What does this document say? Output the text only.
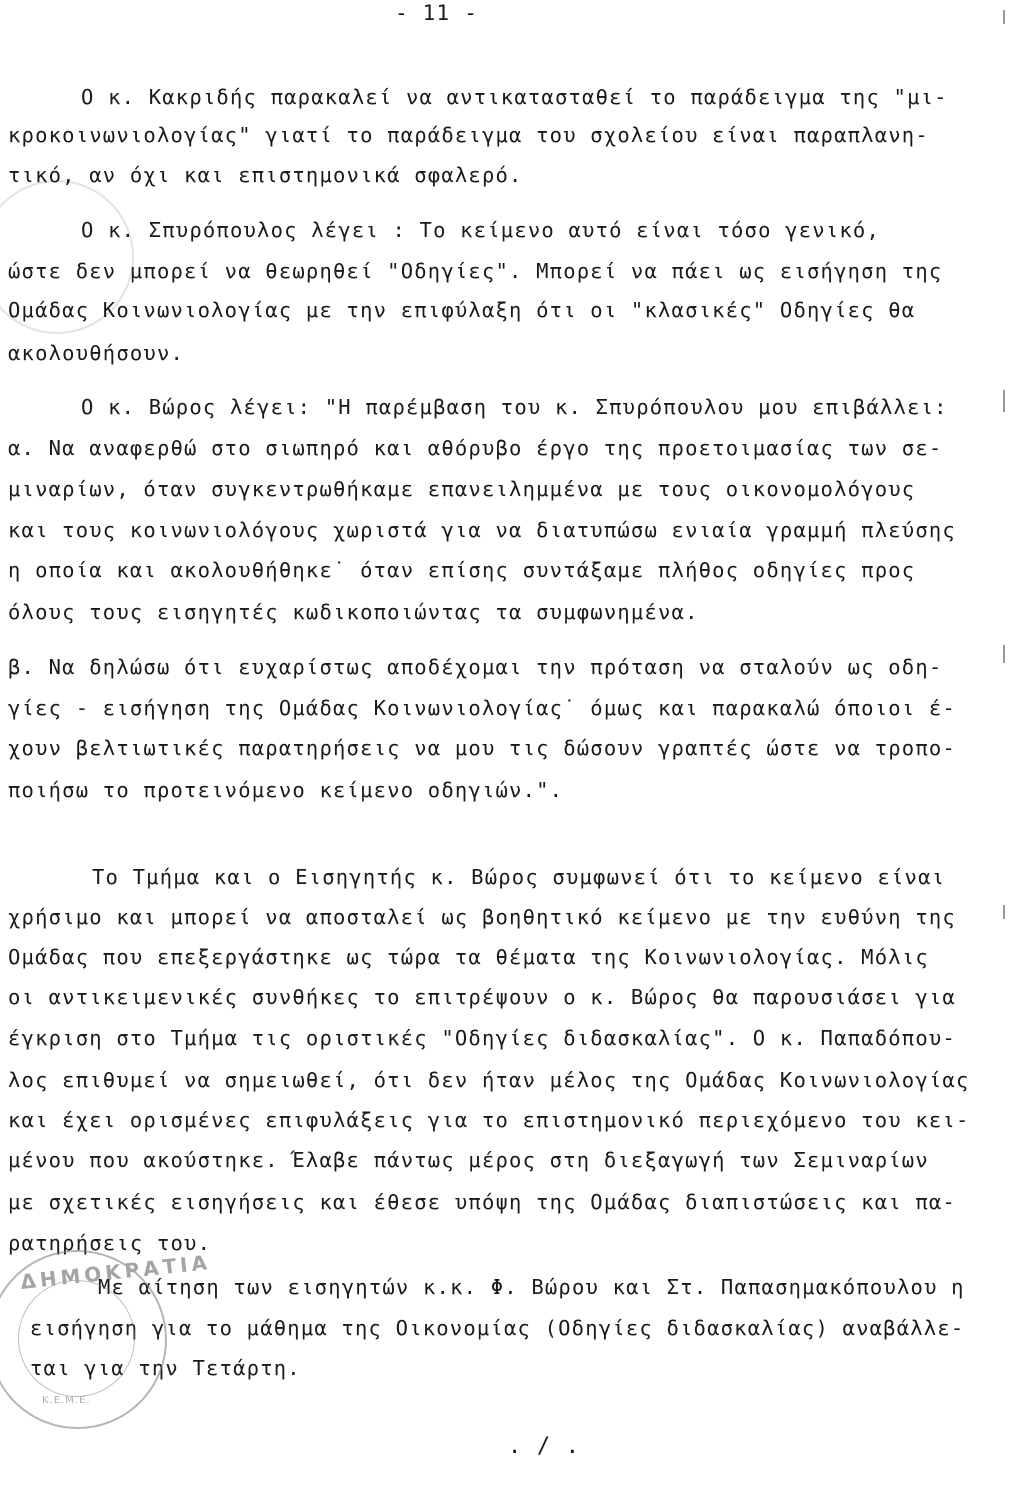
- 11 -
Ο κ. Κακριδής παρακαλεί να αντικατασταθεί το παράδειγμα της "μι-
κροκοινωνιολογίας" γιατί το παράδειγμα του σχολείου είναι παραπλανη-
τικό, αν όχι και επιστημονικά σφαλερό.
Ο κ. Σπυρόπουλος λέγει : Το κείμενο αυτό είναι τόσο γενικό,
ώστε δεν μπορεί να θεωρηθεί "Οδηγίες". Μπορεί να πάει ως εισήγηση της
Ομάδας Κοινωνιολογίας με την επιφύλαξη ότι οι "κλασικές" Οδηγίες θα
ακολουθήσουν.
Ο κ. Βώρος λέγει: "Η παρέμβαση του κ. Σπυρόπουλου μου επιβάλλει:
α. Να αναφερθώ στο σιωπηρό και αθόρυβο έργο της προετοιμασίας των σε-
μιναρίων, όταν συγκεντρωθήκαμε επανειλημμένα με τους οικονομολόγους
και τους κοινωνιολόγους χωριστά για να διατυπώσω ενιαία γραμμή πλεύσης
η οποία και ακολουθήθηκε˙ όταν επίσης συντάξαμε πλήθος οδηγίες προς
όλους τους εισηγητές κωδικοποιώντας τα συμφωνημένα.
β. Να δηλώσω ότι ευχαρίστως αποδέχομαι την πρόταση να σταλούν ως οδη-
γίες - εισήγηση της Ομάδας Κοινωνιολογίας˙ όμως και παρακαλώ όποιοι έ-
χουν βελτιωτικές παρατηρήσεις να μου τις δώσουν γραπτές ώστε να τροπο-
ποιήσω το προτεινόμενο κείμενο οδηγιών.".
Το Τμήμα και ο Εισηγητής κ. Βώρος συμφωνεί ότι το κείμενο είναι
χρήσιμο και μπορεί να αποσταλεί ως βοηθητικό κείμενο με την ευθύνη της
Ομάδας που επεξεργάστηκε ως τώρα τα θέματα της Κοινωνιολογίας. Μόλις
οι αντικειμενικές συνθήκες το επιτρέψουν ο κ. Βώρος θα παρουσιάσει για
έγκριση στο Τμήμα τις οριστικές "Οδηγίες διδασκαλίας". Ο κ. Παπαδόπου-
λος επιθυμεί να σημειωθεί, ότι δεν ήταν μέλος της Ομάδας Κοινωνιολογίας
και έχει ορισμένες επιφυλάξεις για το επιστημονικό περιεχόμενο του κει-
μένου που ακούστηκε. Έλαβε πάντως μέρος στη διεξαγωγή των Σεμιναρίων
με σχετικές εισηγήσεις και έθεσε υπόψη της Ομάδας διαπιστώσεις και πα-
ρατηρήσεις του.
Με αίτηση των εισηγητών κ.κ. Φ. Βώρου και Στ. Παπασημακόπουλου η
εισήγηση για το μάθημα της Οικονομίας (Οδηγίες διδασκαλίας) αναβάλλε-
ται για την Τετάρτη.
ΔΗΜΟΚΡΑΤΙΑ
Κ.Ε.Μ.Ε.
. / .
